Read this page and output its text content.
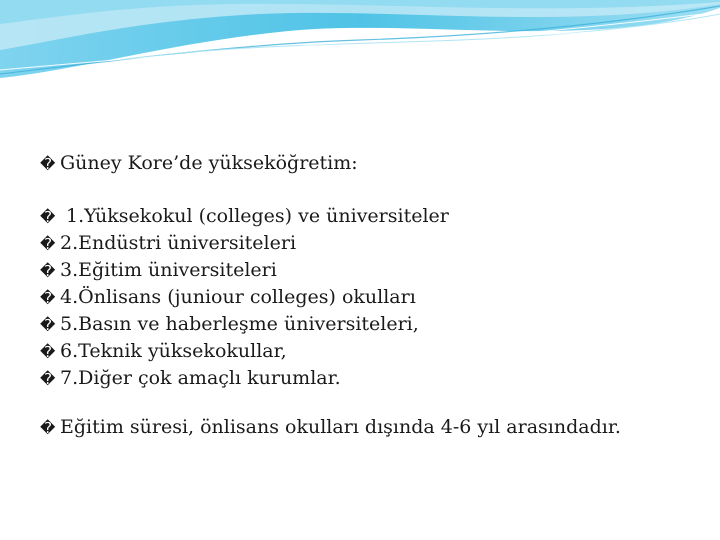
� Güney Kore’de yükseköğretim:
� 1.Yüksekokul (colleges) ve üniversiteler
� 2.Endüstri üniversiteleri
� 3.Eğitim üniversiteleri
� 4.Önlisans (juniour colleges) okulları
� 5.Basın ve haberleşme üniversiteleri,
� 6.Teknik yüksekokullar,
� 7.Diğer çok amaçlı kurumlar.
� Eğitim süresi, önlisans okulları dışında 4-6 yıl arasındadır.
